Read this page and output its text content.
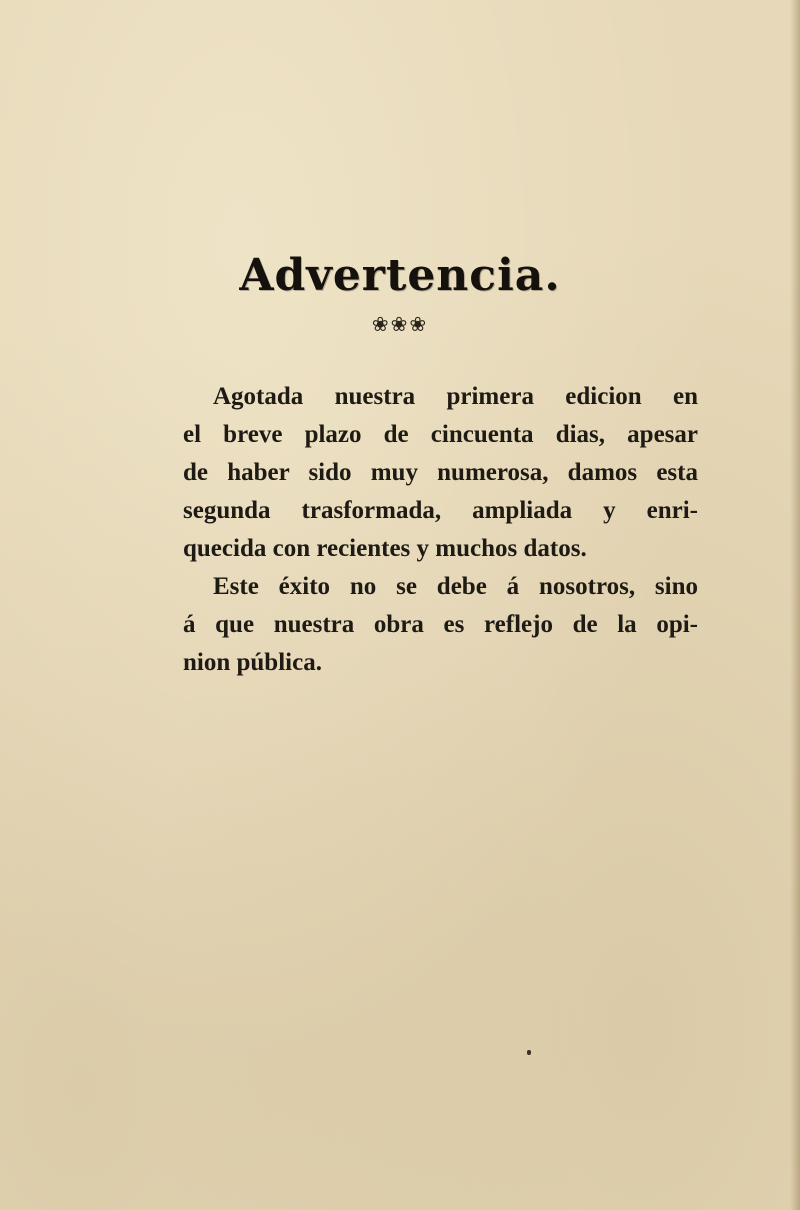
Advertencia.
❀❀❀
Agotada nuestra primera edicion en
el breve plazo de cincuenta dias, apesar
de haber sido muy numerosa, damos esta
segunda trasformada, ampliada y enri-
quecida con recientes y muchos datos.
Este éxito no se debe á nosotros, sino
á que nuestra obra es reflejo de la opi-
nion pública.
